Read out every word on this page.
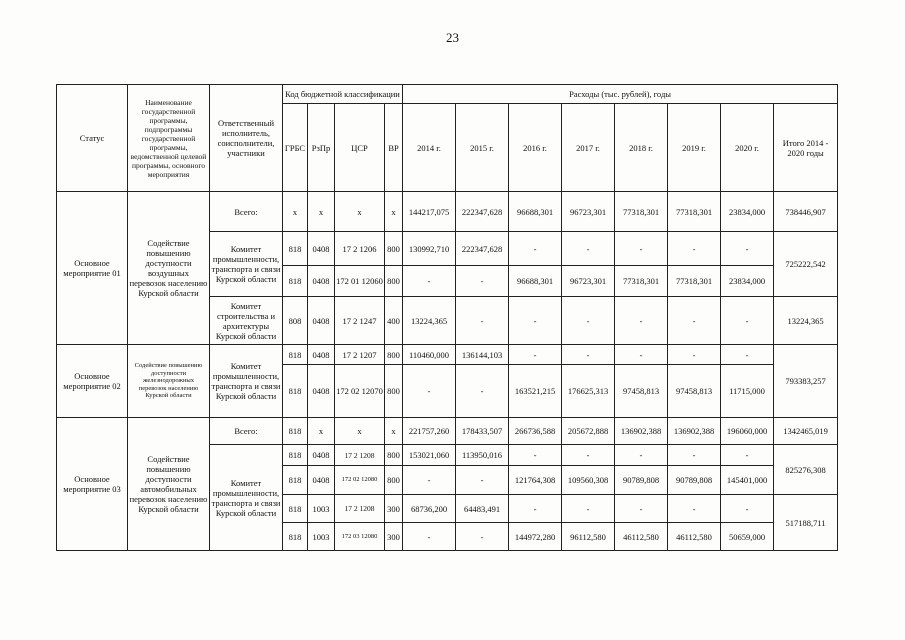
23
Статус	Наименование государственной программы, подпрограммы государственной программы, ведомственной целевой программы, основного мероприятия	Ответственный исполнитель, соисполнители, участники	Код бюджетной классификации				Расходы (тыс. рублей), годы							
			ГРБС	РзПр	ЦСР	ВР	2014 г.	2015 г.	2016 г.	2017 г.	2018 г.	2019 г.	2020 г.	Итого 2014 - 2020 годы
Основное мероприятие 01	Содействие повышению доступности воздушных перевозок населению Курской области	Всего:	х	х	х	х	144217,075	222347,628	96688,301	96723,301	77318,301	77318,301	23834,000	738446,907
		Комитет промышленности, транспорта и связи Курской области	818	0408	17 2 1206	800	130992,710	222347,628	-	-	-	-	-	725222,542
			818	0408	172 01 12060	800	-	-	96688,301	96723,301	77318,301	77318,301	23834,000	
		Комитет строительства и архитектуры Курской области	808	0408	17 2 1247	400	13224,365	-	-	-	-	-	-	13224,365
Основное мероприятие 02	Содействие повышению доступности железнодорожных перевозок населению Курской области	Комитет промышленности, транспорта и связи Курской области	818	0408	17 2 1207	800	110460,000	136144,103	-	-	-	-	-	793383,257
			818	0408	172 02 12070	800	-	-	163521,215	176625,313	97458,813	97458,813	11715,000	
Основное мероприятие 03	Содействие повышению доступности автомобильных перевозок населению Курской области	Всего:	818	х	х	х	221757,260	178433,507	266736,588	205672,888	136902,388	136902,388	196060,000	1342465,019
		Комитет промышленности, транспорта и связи Курской области	818	0408	17 2 1208	800	153021,060	113950,016	-	-	-	-	-	825276,308
			818	0408	172 02 12080	800	-	-	121764,308	109560,308	90789,808	90789,808	145401,000	
			818	1003	17 2 1208	300	68736,200	64483,491	-	-	-	-	-	517188,711
			818	1003	172 03 12080	300	-	-	144972,280	96112,580	46112,580	46112,580	50659,000	
